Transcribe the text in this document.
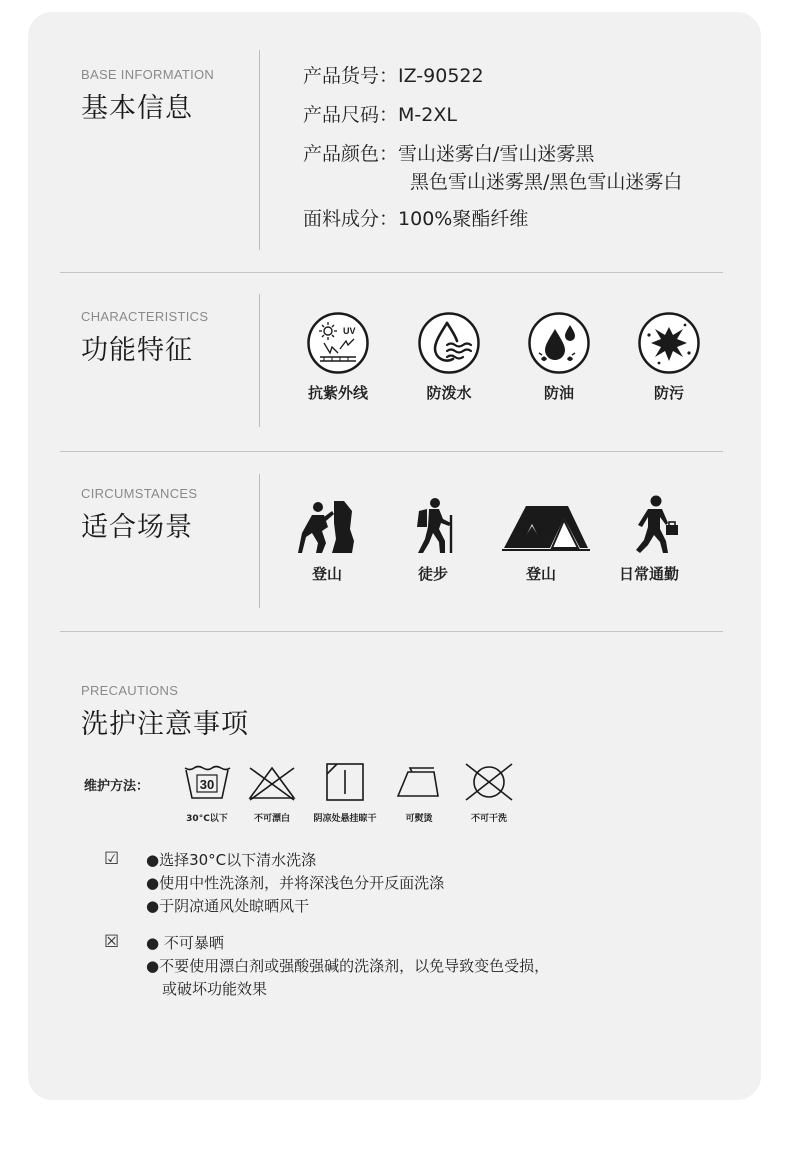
BASE INFORMATION
基本信息
产品货号：IZ-90522
产品尺码：M-2XL
产品颜色：雪山迷雾白/雪山迷雾黑
黑色雪山迷雾黑/黑色雪山迷雾白
面料成分：100%聚酯纤维
CHARACTERISTICS
功能特征
UV
抗紫外线	防泼水	防油	防污
CIRCUMSTANCES
适合场景
登山	徒步	登山	日常通勤
PRECAUTIONS
洗护注意事项
维护方法：	30
30°C以下	不可漂白	阴凉处悬挂晾干	可熨烫	不可干洗
☑ ●选择30°C以下清水洗涤
●使用中性洗涤剂，并将深浅色分开反面洗涤
●于阴凉通风处晾晒风干
☒ ● 不可暴晒
●不要使用漂白剂或强酸强碱的洗涤剂，以免导致变色受损，
或破坏功能效果
